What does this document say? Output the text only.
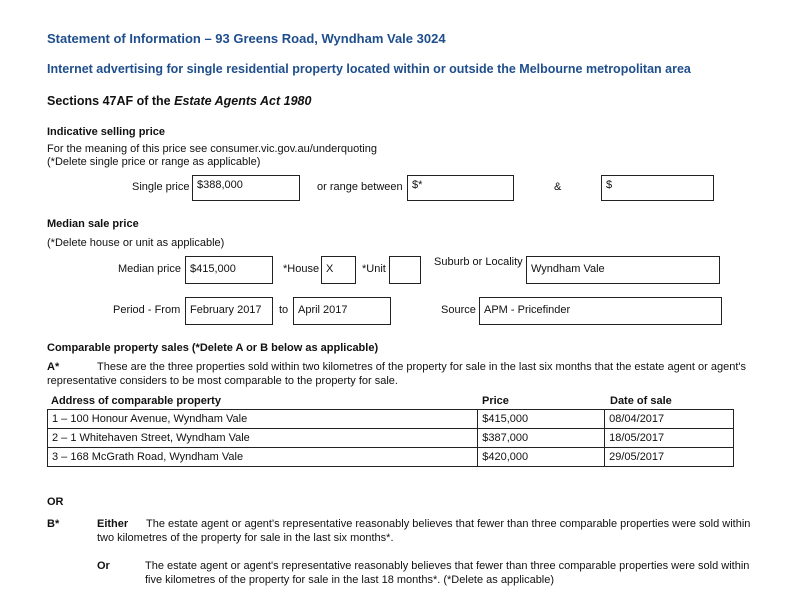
Statement of Information – 93 Greens Road, Wyndham Vale 3024
Internet advertising for single residential property located within or outside the Melbourne metropolitan area
Sections 47AF of the Estate Agents Act 1980
Indicative selling price
For the meaning of this price see consumer.vic.gov.au/underquoting
(*Delete single price or range as applicable)
Single price $388,000	or range between $*	&	$
Median sale price
(*Delete house or unit as applicable)
Median price $415,000	*House X	*Unit
Suburb or Locality
Wyndham Vale
Period - From February 2017	to April 2017	Source APM - Pricefinder
Comparable property sales (*Delete A or B below as applicable)
A*	These are the three properties sold within two kilometres of the property for sale in the last six months that the estate agent or agent's
representative considers to be most comparable to the property for sale.
Address of comparable property	Price	Date of sale
1 – 100 Honour Avenue, Wyndham Vale	$415,000	08/04/2017
2 – 1 Whitehaven Street, Wyndham Vale	$387,000	18/05/2017
3 – 168 McGrath Road, Wyndham Vale	$420,000	29/05/2017
OR
B*	Either The estate agent or agent's representative reasonably believes that fewer than three comparable properties were sold within
two kilometres of the property for sale in the last six months*.
Or	The estate agent or agent's representative reasonably believes that fewer than three comparable properties were sold within
five kilometres of the property for sale in the last 18 months*. (*Delete as applicable)
